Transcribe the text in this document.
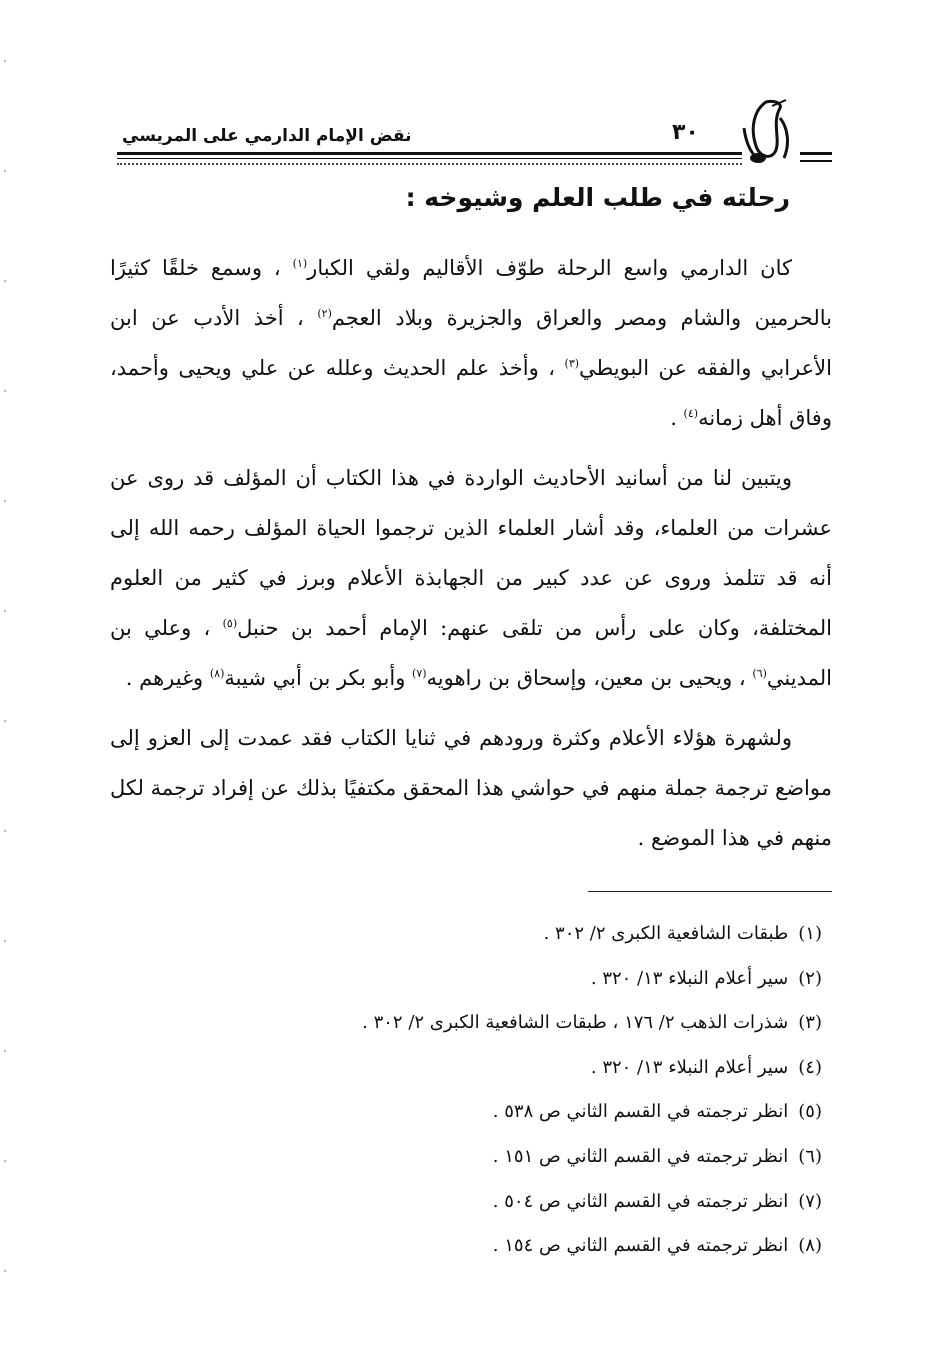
نقض الإمام الدارمي على المريسي	٣٠
رحلته في طلب العلم وشيوخه :

كان الدارمي واسع الرحلة طوّف الأقاليم ولقي الكبار$^{(١)}$ ، وسمع خلقًا كثيرًا بالحرمين والشام ومصر والعراق والجزيرة وبلاد العجم$^{(٢)}$ ، أخذ الأدب عن ابن الأعرابي والفقه عن البويطي$^{(٣)}$ ، وأخذ علم الحديث وعلله عن علي ويحيى وأحمد، وفاق أهل زمانه$^{(٤)}$ .

ويتبين لنا من أسانيد الأحاديث الواردة في هذا الكتاب أن المؤلف قد روى عن عشرات من العلماء، وقد أشار العلماء الذين ترجموا الحياة المؤلف رحمه الله إلى أنه قد تتلمذ وروى عن عدد كبير من الجهابذة الأعلام وبرز في كثير من العلوم المختلفة، وكان على رأس من تلقى عنهم: الإمام أحمد بن حنبل$^{(٥)}$ ، وعلي بن المديني$^{(٦)}$ ، ويحيى بن معين، وإسحاق بن راهويه$^{(٧)}$ وأبو بكر بن أبي شيبة$^{(٨)}$ وغيرهم .

ولشهرة هؤلاء الأعلام وكثرة ورودهم في ثنايا الكتاب فقد عمدت إلى العزو إلى مواضع ترجمة جملة منهم في حواشي هذا المحقق مكتفيًا بذلك عن إفراد ترجمة لكل منهم في هذا الموضع .

(١)طبقات الشافعية الكبرى ٢/ ٣٠٢ .
(٢)سير أعلام النبلاء ١٣/ ٣٢٠ .
(٣)شذرات الذهب ٢/ ١٧٦ ، طبقات الشافعية الكبرى ٢/ ٣٠٢ .
(٤)سير أعلام النبلاء ١٣/ ٣٢٠ .
(٥)انظر ترجمته في القسم الثاني ص ٥٣٨ .
(٦)انظر ترجمته في القسم الثاني ص ١٥١ .
(٧)انظر ترجمته في القسم الثاني ص ٥٠٤ .
(٨)انظر ترجمته في القسم الثاني ص ١٥٤ .
